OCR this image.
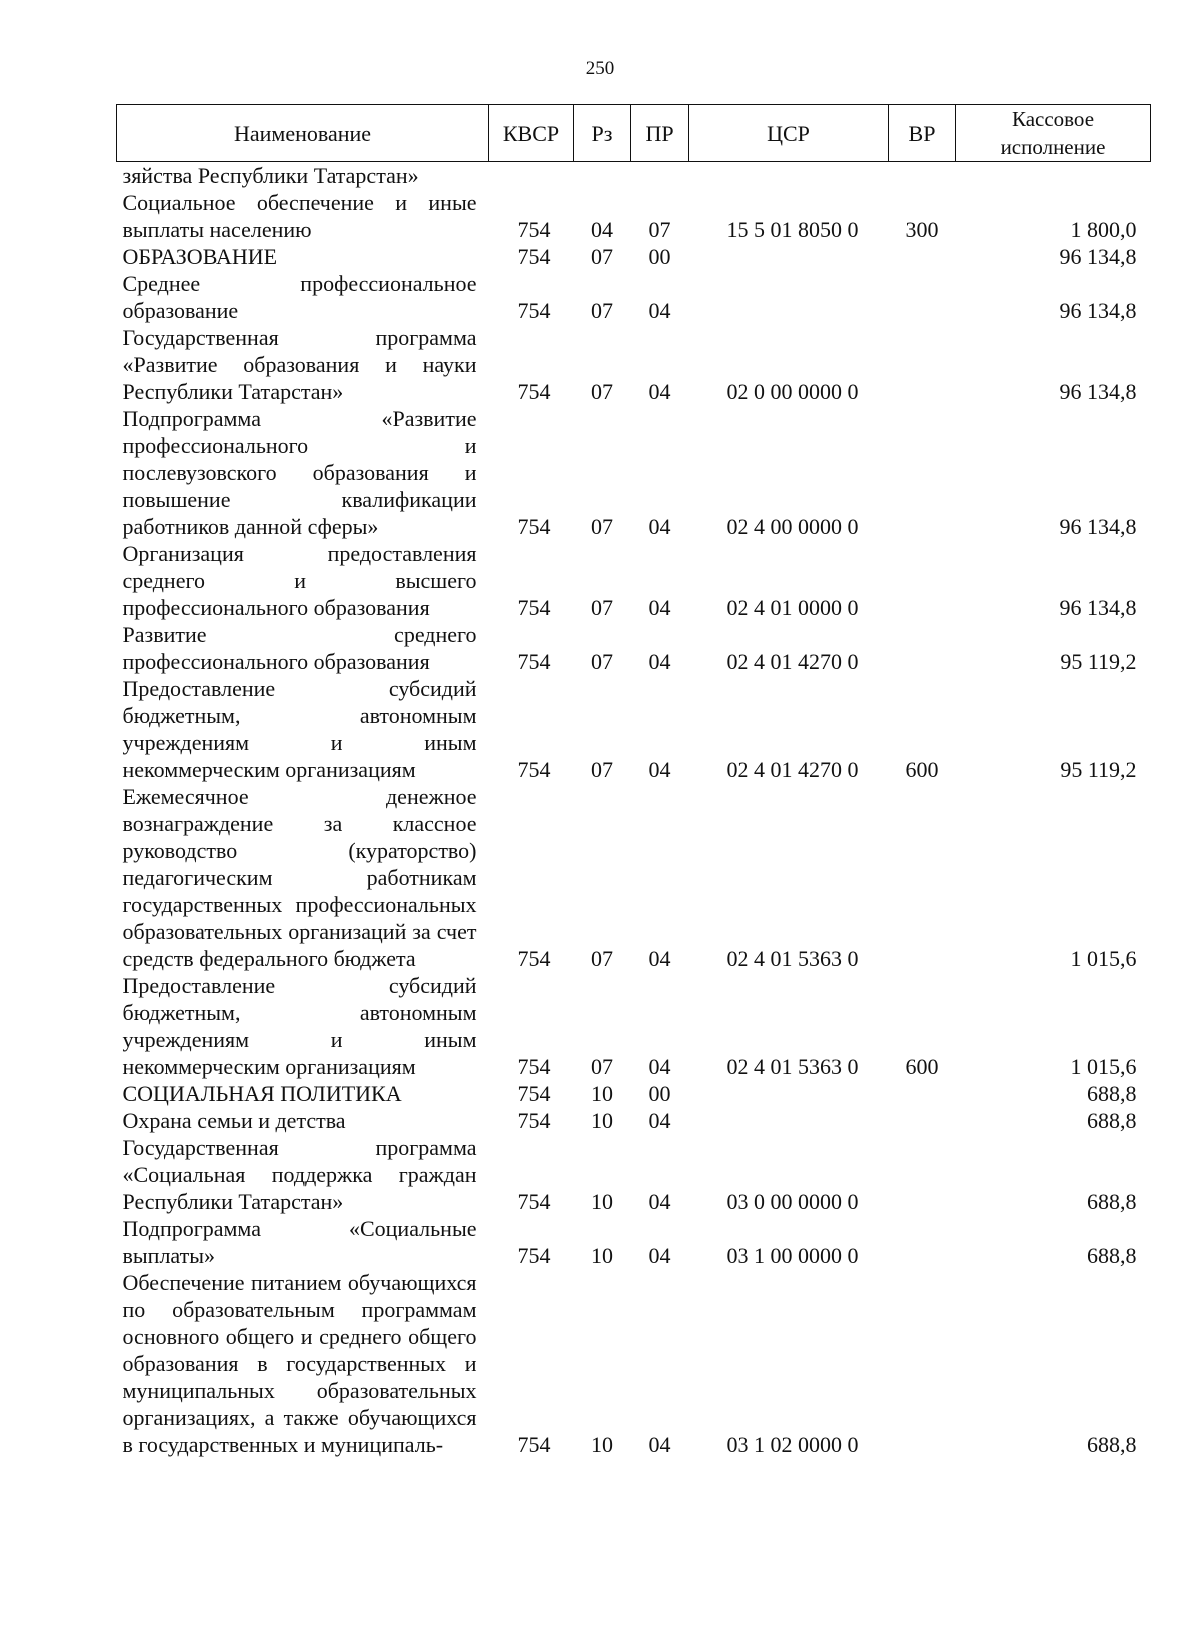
250
Наименование	КВСР	Рз	ПР	ЦСР	ВР	Кассовое исполнение
зяйства Республики Татарстан»						
Социальное обеспечение и иные выплаты населению	754	04	07	15 5 01 8050 0	300	1 800,0
ОБРАЗОВАНИЕ	754	07	00			96 134,8
Среднее профессиональное образование	754	07	04			96 134,8
Государственная программа «Развитие образования и науки Республики Татарстан»	754	07	04	02 0 00 0000 0		96 134,8
Подпрограмма «Развитие профессионального и послевузовского образования и повышение квалификации работников данной сферы»	754	07	04	02 4 00 0000 0		96 134,8
Организация предоставления среднего и высшего профессионального образования	754	07	04	02 4 01 0000 0		96 134,8
Развитие среднего профессионального образования	754	07	04	02 4 01 4270 0		95 119,2
Предоставление субсидий бюджетным, автономным учреждениям и иным некоммерческим организациям	754	07	04	02 4 01 4270 0	600	95 119,2
Ежемесячное денежное вознаграждение за классное руководство (кураторство) педагогическим работникам государственных профессиональных образовательных организаций за счет средств федерального бюджета	754	07	04	02 4 01 5363 0		1 015,6
Предоставление субсидий бюджетным, автономным учреждениям и иным некоммерческим организациям	754	07	04	02 4 01 5363 0	600	1 015,6
СОЦИАЛЬНАЯ ПОЛИТИКА	754	10	00			688,8
Охрана семьи и детства	754	10	04			688,8
Государственная программа «Социальная поддержка граждан Республики Татарстан»	754	10	04	03 0 00 0000 0		688,8
Подпрограмма «Социальные выплаты»	754	10	04	03 1 00 0000 0		688,8
Обеспечение питанием обучающихся по образовательным программам основного общего и среднего общего образования в государственных и муниципальных образовательных организациях, а также обучающихся в государственных и муниципаль-	754	10	04	03 1 02 0000 0		688,8
